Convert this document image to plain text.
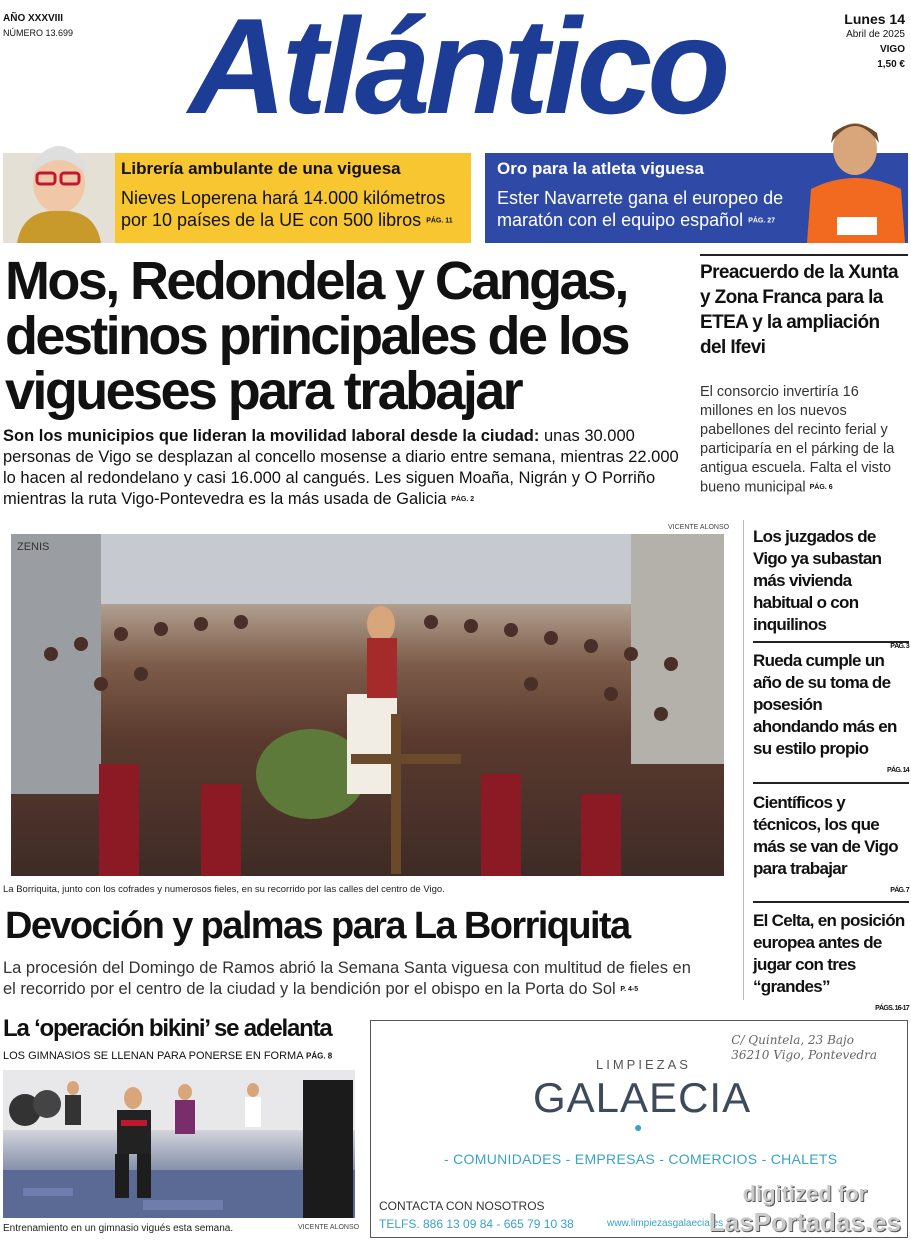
AÑO XXXVIII
NÚMERO 13.699 Atlántico	Lunes 14
Abril de 2025
VIGO
1,50 €
Librería ambulante de una viguesa
Nieves Loperena hará 14.000 kilómetros por 10 países de la UE con 500 libros PÁG. 11
Oro para la atleta viguesa
Ester Navarrete gana el europeo de maratón con el equipo español PÁG. 27
Mos, Redondela y Cangas, destinos principales de los vigueses para trabajar
Son los municipios que lideran la movilidad laboral desde la ciudad: unas 30.000 personas de Vigo se desplazan al concello mosense a diario entre semana, mientras 22.000 lo hacen al redondelano y casi 16.000 al cangués. Les siguen Moaña, Nigrán y O Porriño mientras la ruta Vigo-Pontevedra es la más usada de Galicia PÁG. 2
Preacuerdo de la Xunta y Zona Franca para la ETEA y la ampliación del Ifevi
El consorcio invertiría 16 millones en los nuevos pabellones del recinto ferial y participaría en el párking de la antigua escuela. Falta el visto bueno municipal PÁG. 6
Los juzgados de Vigo ya subastan más vivienda habitual o con inquilinos
PÁG. 3
Rueda cumple un año de su toma de posesión ahondando más en su estilo propio
PÁG. 14
Científicos y técnicos, los que más se van de Vigo para trabajar
PÁG. 7
El Celta, en posición europea antes de jugar con tres “grandes”
PÁGS. 16-17
VICENTE ALONSO
ZENIS
La Borriquita, junto con los cofrades y numerosos fieles, en su recorrido por las calles del centro de Vigo.
Devoción y palmas para La Borriquita
La procesión del Domingo de Ramos abrió la Semana Santa viguesa con multitud de fieles en el recorrido por el centro de la ciudad y la bendición por el obispo en la Porta do Sol P. 4-5
La ‘operación bikini’ se adelanta
LOS GIMNASIOS SE LLENAN PARA PONERSE EN FORMA PÁG. 8
Entrenamiento en un gimnasio vigués esta semana.	VICENTE ALONSO
C/ Quintela, 23 Bajo
36210 Vigo, Pontevedra
LIMPIEZAS
GALAECIA
●
- COMUNIDADES - EMPRESAS - COMERCIOS - CHALETS
CONTACTA CON NOSOTROS
TELFS. 886 13 09 84 - 665 79 10 38	www.limpiezasgalaecia.es
digitized for
LasPortadas.es
